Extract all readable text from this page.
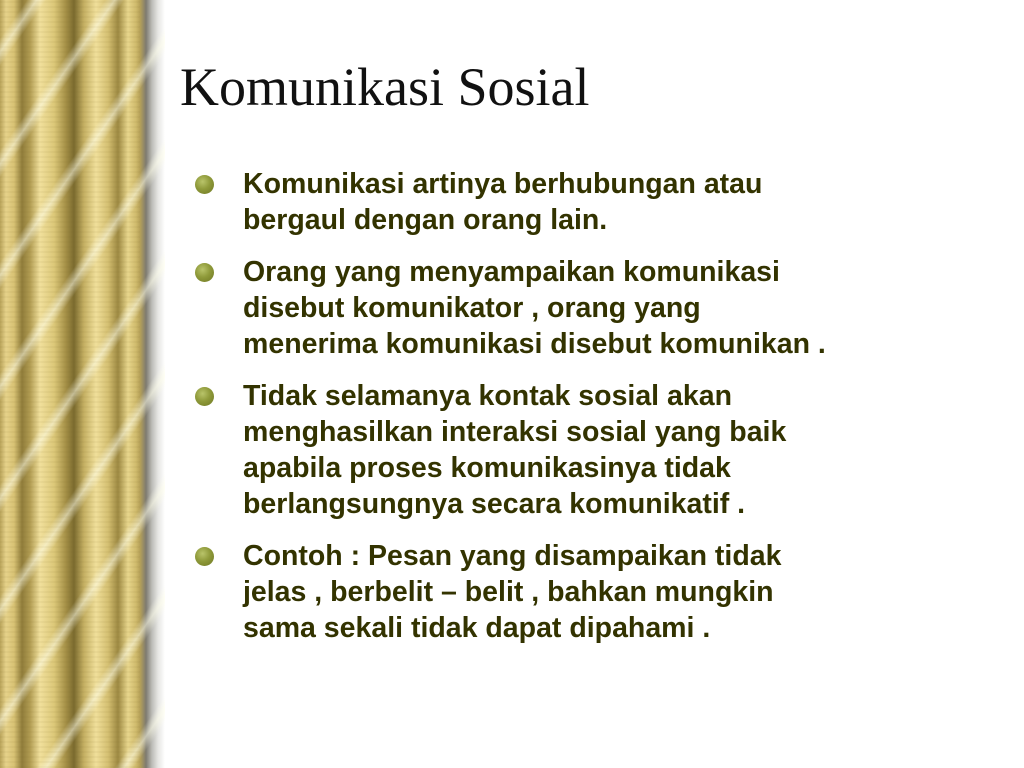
Komunikasi Sosial
Komunikasi artinya berhubungan atau
bergaul dengan orang lain.
Orang yang menyampaikan komunikasi
disebut komunikator , orang yang
menerima komunikasi disebut komunikan .
Tidak selamanya kontak sosial akan
menghasilkan interaksi sosial yang baik
apabila proses komunikasinya tidak
berlangsungnya secara komunikatif .
Contoh : Pesan yang disampaikan tidak
jelas , berbelit – belit , bahkan mungkin
sama sekali tidak dapat dipahami .
